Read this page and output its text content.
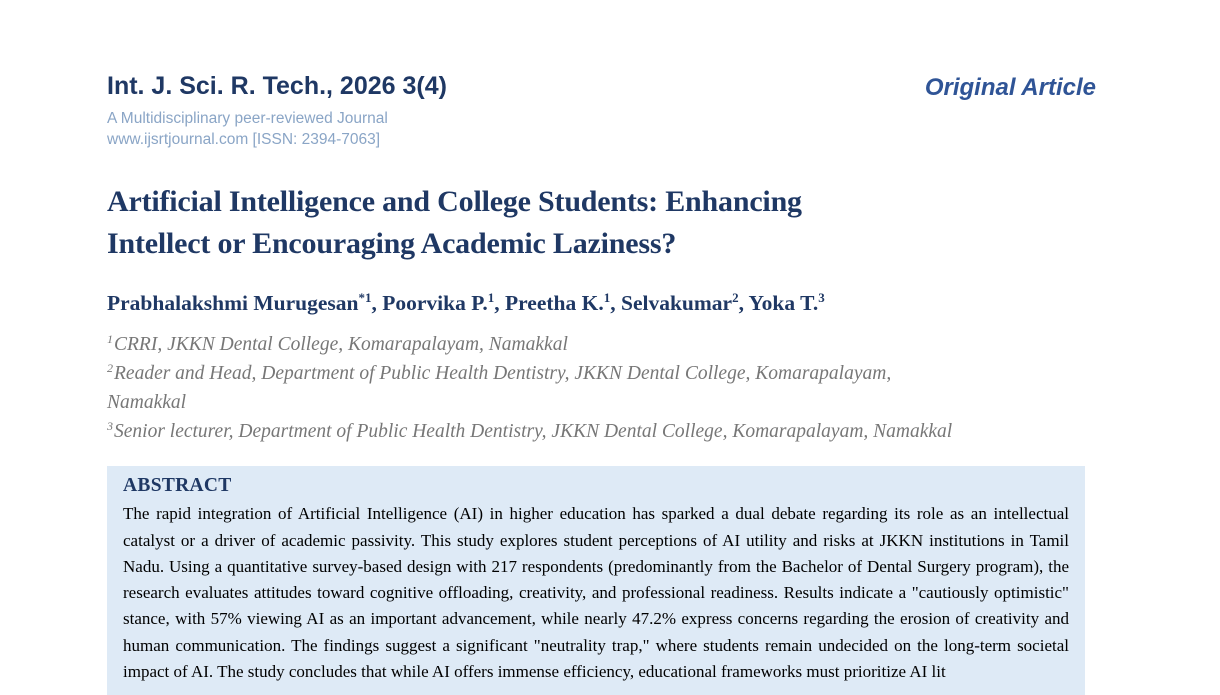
Int. J. Sci. R. Tech., 2026 3(4)
A Multidisciplinary peer-reviewed Journal
www.ijsrtjournal.com [ISSN: 2394-7063]
Original Article
Artificial Intelligence and College Students: Enhancing
Intellect or Encouraging Academic Laziness?
Prabhalakshmi Murugesan$^{*1}$, Poorvika P.$^1$, Preetha K.$^1$, Selvakumar$^2$, Yoka T.$^3$

$^1$CRRI, JKKN Dental College, Komarapalayam, Namakkal

$^2$Reader and Head, Department of Public Health Dentistry, JKKN Dental College, Komarapalayam,
Namakkal

$^3$Senior lecturer, Department of Public Health Dentistry, JKKN Dental College, Komarapalayam, Namakkal

ABSTRACT
The rapid integration of Artificial Intelligence (AI) in higher education has sparked a dual debate regarding its role as an intellectual catalyst or a driver of academic passivity. This study explores student perceptions of AI utility and risks at JKKN institutions in Tamil Nadu. Using a quantitative survey-based design with 217 respondents (predominantly from the Bachelor of Dental Surgery program), the research evaluates attitudes toward cognitive offloading, creativity, and professional readiness. Results indicate a "cautiously optimistic" stance, with 57% viewing AI as an important advancement, while nearly 47.2% express concerns regarding the erosion of creativity and human communication. The findings suggest a significant "neutrality trap," where students remain undecided on the long-term societal impact of AI. The study concludes that while AI offers immense efficiency, educational frameworks must prioritize AI lit
